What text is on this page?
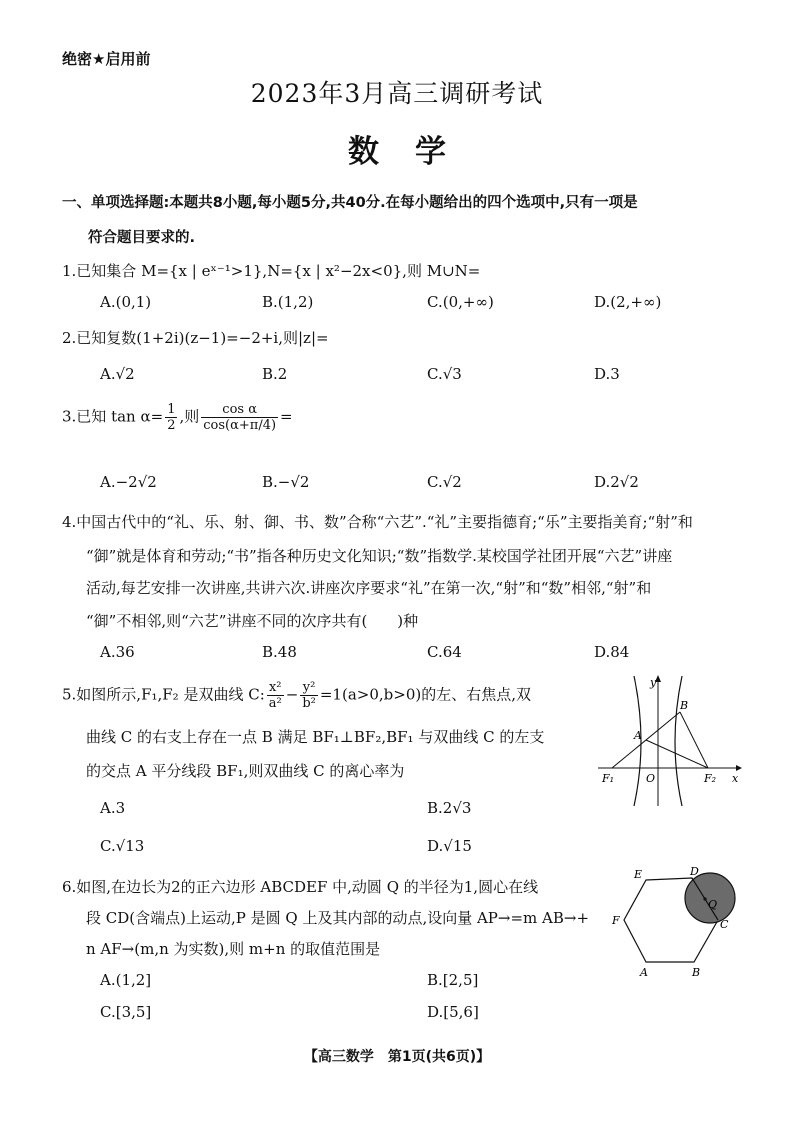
绝密★启用前
2023年3月高三调研考试
数学
一、单项选择题:本题共8小题,每小题5分,共40分.在每小题给出的四个选项中,只有一项是
符合题目要求的.
1.已知集合 M={x | eˣ⁻¹>1},N={x | x²−2x<0},则 M∪N=
A.(0,1)	B.(1,2)	C.(0,+∞)	D.(2,+∞)
2.已知复数(1+2i)(z−1)=−2+i,则|z|=
A.√2	B.2	C.√3	D.3
3.已知 $\tan \alpha= \frac{1}{2}$ ,则 $\frac{\text{cos α}}{\cos(\alpha+\pi/4)}$ =
A.−2√2	B.−√2	C.√2	D.2√2
4.中国古代中的“礼、乐、射、御、书、数”合称“六艺”.“礼”主要指德育;“乐”主要指美育;“射”和
“御”就是体育和劳动;“书”指各种历史文化知识;“数”指数学.某校国学社团开展“六艺”讲座
活动,每艺安排一次讲座,共讲六次.讲座次序要求“礼”在第一次,“射”和“数”相邻,“射”和
“御”不相邻,则“六艺”讲座不同的次序共有(　　)种
A.36	B.48	C.64	D.84
5.如图所示,F₁,F₂ 是双曲线 C: $\frac{\text{x²}}{\text{a²}} - \frac{\text{y²}}{\text{b²}} =1(a>0,b>0)$的左、右焦点,双
曲线 C 的右支上存在一点 B 满足 BF₁⊥BF₂,BF₁ 与双曲线 C 的左支
的交点 A 平分线段 BF₁,则双曲线 C 的离心率为
A.3	B.2√3
C.√13	D.√15
y
x
B
A
F₁	O	F₂
6.如图,在边长为2的正六边形 ABCDEF 中,动圆 Q 的半径为1,圆心在线
段 CD(含端点)上运动,P 是圆 Q 上及其内部的动点,设向量 AP→=m AB→+
n AF→(m,n 为实数),则 m+n 的取值范围是
A.(1,2]	B.[2,5]
C.[3,5]	D.[5,6]
E	D
Q
F	C
A	B
【高三数学　第1页(共6页)】
